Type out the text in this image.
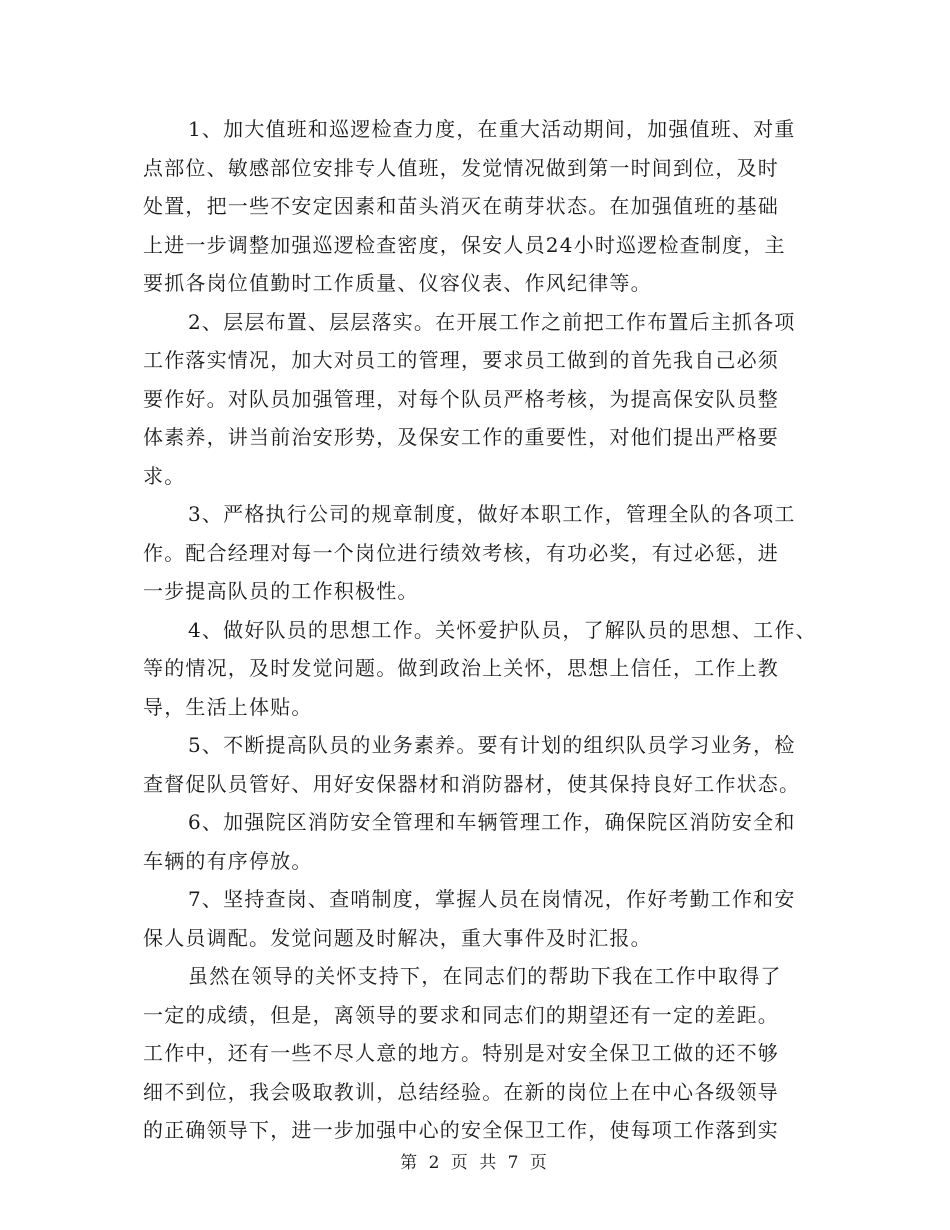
1、加大值班和巡逻检查力度，在重大活动期间，加强值班、对重
点部位、敏感部位安排专人值班，发觉情况做到第一时间到位，及时
处置，把一些不安定因素和苗头消灭在萌芽状态。在加强值班的基础
上进一步调整加强巡逻检查密度，保安人员24小时巡逻检查制度，主
要抓各岗位值勤时工作质量、仪容仪表、作风纪律等。
2、层层布置、层层落实。在开展工作之前把工作布置后主抓各项
工作落实情况，加大对员工的管理，要求员工做到的首先我自己必须
要作好。对队员加强管理，对每个队员严格考核，为提高保安队员整
体素养，讲当前治安形势，及保安工作的重要性，对他们提出严格要
求。
3、严格执行公司的规章制度，做好本职工作，管理全队的各项工
作。配合经理对每一个岗位进行绩效考核，有功必奖，有过必惩，进
一步提高队员的工作积极性。
4、做好队员的思想工作。关怀爱护队员，了解队员的思想、工作、
等的情况，及时发觉问题。做到政治上关怀，思想上信任，工作上教
导，生活上体贴。
5、不断提高队员的业务素养。要有计划的组织队员学习业务，检
查督促队员管好、用好安保器材和消防器材，使其保持良好工作状态。
6、加强院区消防安全管理和车辆管理工作，确保院区消防安全和
车辆的有序停放。
7、坚持查岗、查哨制度，掌握人员在岗情况，作好考勤工作和安
保人员调配。发觉问题及时解决，重大事件及时汇报。
虽然在领导的关怀支持下，在同志们的帮助下我在工作中取得了
一定的成绩，但是，离领导的要求和同志们的期望还有一定的差距。
工作中，还有一些不尽人意的地方。特别是对安全保卫工做的还不够
细不到位，我会吸取教训，总结经验。在新的岗位上在中心各级领导
的正确领导下，进一步加强中心的安全保卫工作，使每项工作落到实
第 2 页 共 7 页
